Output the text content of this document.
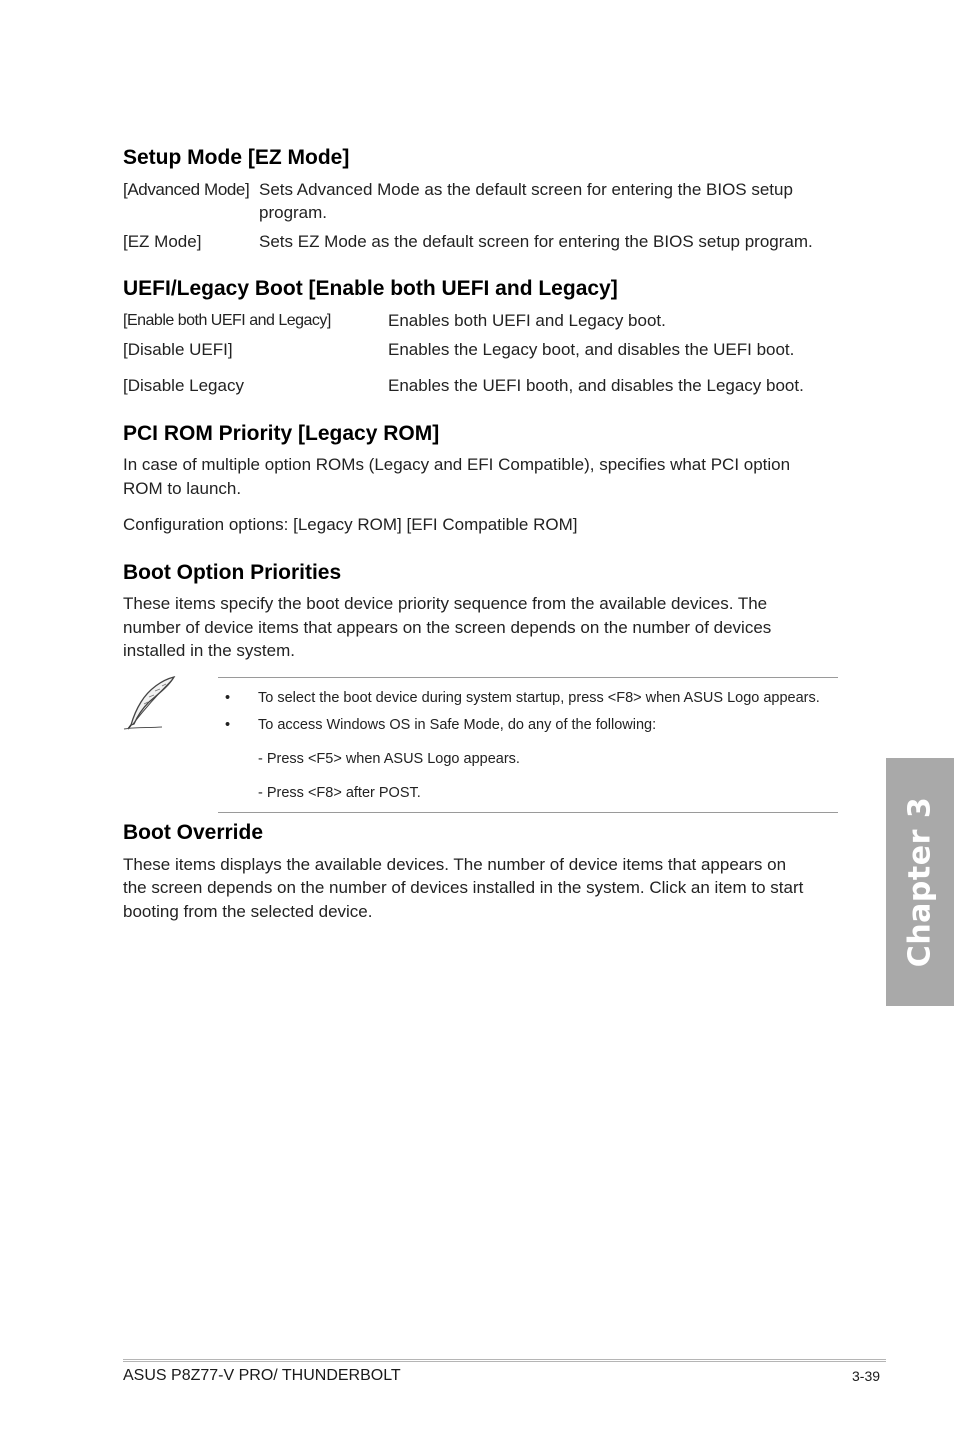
Setup Mode [EZ Mode]
[Advanced Mode] Sets Advanced Mode as the default screen for entering the BIOS setup
program.
[EZ Mode]	Sets EZ Mode as the default screen for entering the BIOS setup program.
UEFI/Legacy Boot [Enable both UEFI and Legacy]
[Enable both UEFI and Legacy]	Enables both UEFI and Legacy boot.
[Disable UEFI]	Enables the Legacy boot, and disables the UEFI boot.
[Disable Legacy	Enables the UEFI booth, and disables the Legacy boot.
PCI ROM Priority [Legacy ROM]
In case of multiple option ROMs (Legacy and EFI Compatible), specifies what PCI option
ROM to launch.
Configuration options: [Legacy ROM] [EFI Compatible ROM]
Boot Option Priorities
These items specify the boot device priority sequence from the available devices. The
number of device items that appears on the screen depends on the number of devices
installed in the system.
• To select the boot device during system startup, press <F8> when ASUS Logo appears.
• To access Windows OS in Safe Mode, do any of the following:
- Press <F5> when ASUS Logo appears.
- Press <F8> after POST.
Boot Override
These items displays the available devices. The number of device items that appears on
the screen depends on the number of devices installed in the system. Click an item to start
booting from the selected device.	Chapter 3
ASUS P8Z77-V PRO/ THUNDERBOLT	3-39
